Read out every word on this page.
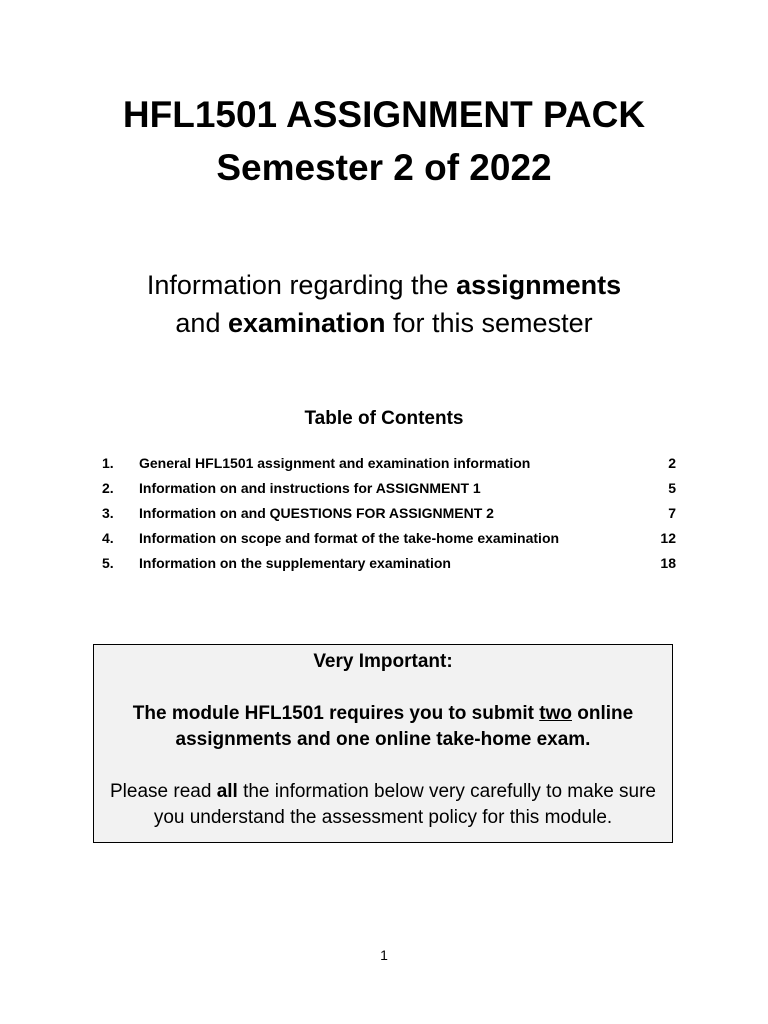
HFL1501 ASSIGNMENT PACK
Semester 2 of 2022
Information regarding the assignments
and examination for this semester
Table of Contents
1.	General HFL1501 assignment and examination information	2
2.	Information on and instructions for ASSIGNMENT 1	5
3.	Information on and QUESTIONS FOR ASSIGNMENT 2	7
4.	Information on scope and format of the take-home examination	12
5.	Information on the supplementary examination	18
Very Important:
The module HFL1501 requires you to submit two online assignments and one online take-home exam.
Please read all the information below very carefully to make sure you understand the assessment policy for this module.
1
